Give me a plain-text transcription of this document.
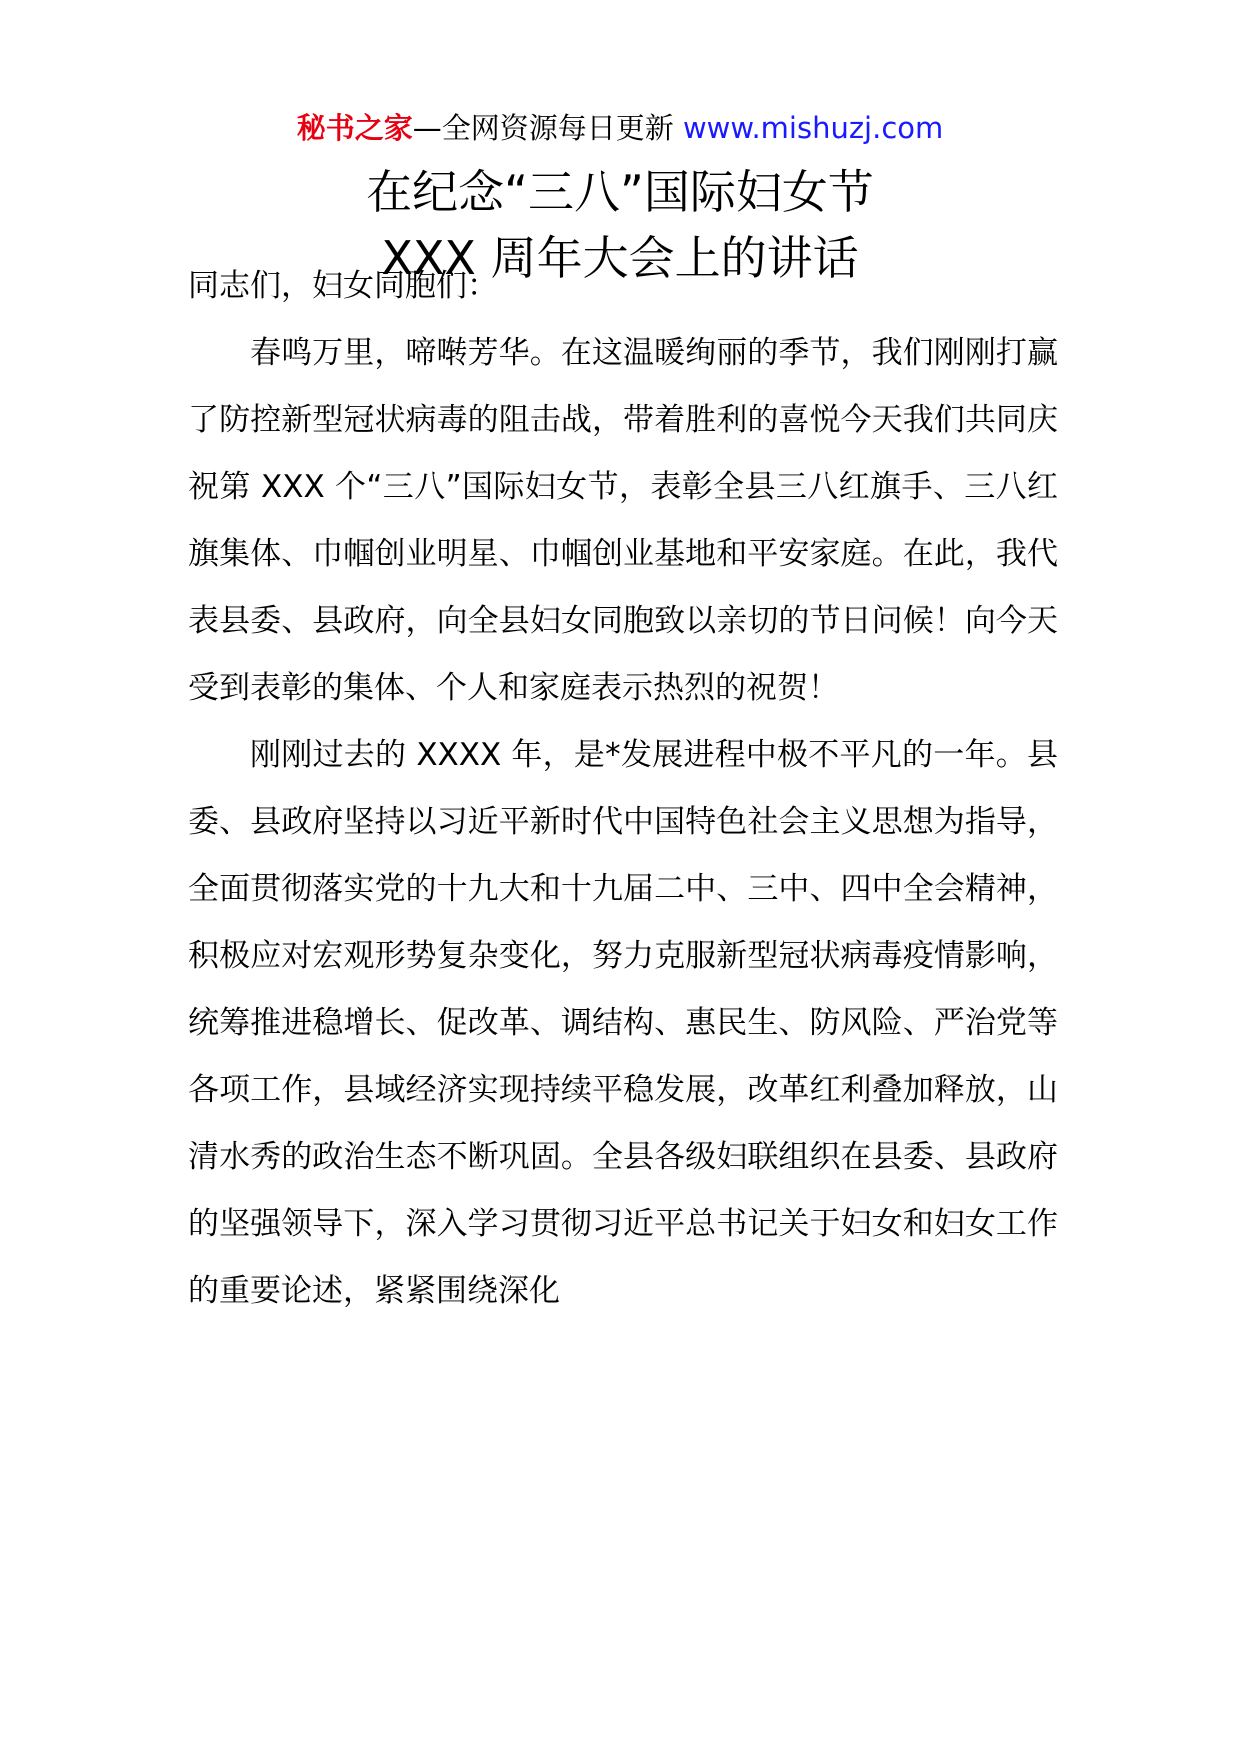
秘书之家—全网资源每日更新 www.mishuzj.com
在纪念“三八”国际妇女节
XXX 周年大会上的讲话

同志们，妇女同胞们：

春鸣万里，啼啭芳华。在这温暖绚丽的季节，我们刚刚打赢了防控新型冠状病毒的阻击战，带着胜利的喜悦今天我们共同庆祝第 XXX 个“三八”国际妇女节，表彰全县三八红旗手、三八红旗集体、巾帼创业明星、巾帼创业基地和平安家庭。在此，我代表县委、县政府，向全县妇女同胞致以亲切的节日问候！向今天受到表彰的集体、个人和家庭表示热烈的祝贺！

刚刚过去的 XXXX 年，是*发展进程中极不平凡的一年。县委、县政府坚持以习近平新时代中国特色社会主义思想为指导，全面贯彻落实党的十九大和十九届二中、三中、四中全会精神，积极应对宏观形势复杂变化，努力克服新型冠状病毒疫情影响，统筹推进稳增长、促改革、调结构、惠民生、防风险、严治党等各项工作，县域经济实现持续平稳发展，改革红利叠加释放，山清水秀的政治生态不断巩固。全县各级妇联组织在县委、县政府的坚强领导下，深入学习贯彻习近平总书记关于妇女和妇女工作的重要论述，紧紧围绕深化
